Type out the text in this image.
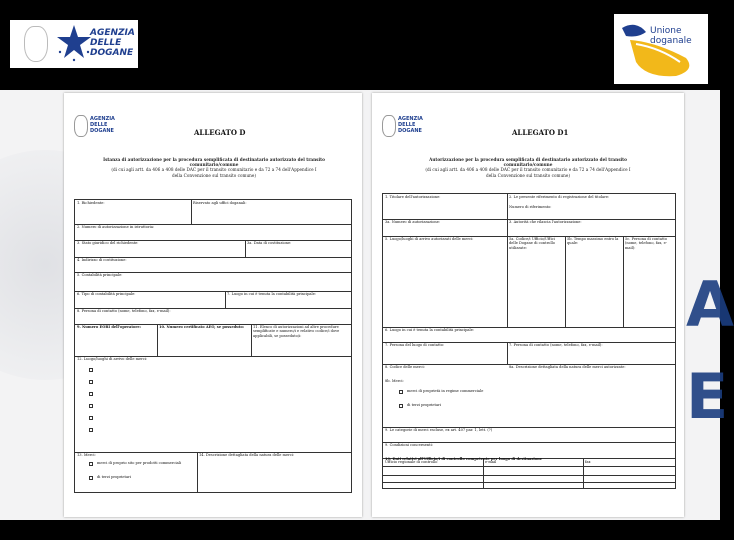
A
E
AGENZIA
DELLE
DOGANE
Unione
doganale
AGENZIA
DELLE
DOGANE	ALLEGATO D
Istanza di autorizzazione per la procedura semplificata di destinatario autorizzato del transito
comunitario/comune
(di cui agli artt. da 406 a 408 delle DAC per il transito comunitario e da 72 a 74 dell'Appendice I
della Convenzione sul transito comune)
1. Richiedente:	Riservato agli uffici doganali:
2. Numero di autorizzazione in istruttoria:
3. Stato giuridico del richiedente:	3a. Data di costituzione:
4. Indirizzo di costituzione:
5. Contabilità principale:
6. Tipo di contabilità principale:	7. Luogo in cui è tenuta la contabilità principale:
8. Persona di contatto (nome, telefono, fax, e-mail):
9. Numero EORI dell'operatore:	10. Numero certificato AEO, se posseduto:	11. Elenco di autorizzazioni ad altre procedure semplificate e numero/i e relativo codice/i dove applicabili, se posseduto/i:
12. Luogo/luoghi di arrivo delle merci:
13. Merci:
merci di proprio sito per prodotti commerciali
di terzi proprietari
14. Descrizione dettagliata della natura delle merci:
AGENZIA
DELLE
DOGANE	ALLEGATO D1
Autorizzazione per la procedura semplificata di destinatario autorizzato del transito
comunitario/comune
(di cui agli artt. da 406 a 408 delle DAC per il transito comunitario e da 72 a 74 dell'Appendice I
della Convenzione sul transito comune)
1. Titolare dell'autorizzazione:	2. Le presente riferimento di registrazione del titolare:
Numero di riferimento:
3a. Numero di autorizzazione:	3. Autorità che rilascia l'autorizzazione:
5. Luogo/luoghi di arrivo autorizzati delle merci:	5a. Codice/i Ufficio/Uffici delle Dogane di controllo utilizzate:
5b. Tempo massimo entro la quale:
5c. Persona di contatto (nome, telefono, fax, e-mail):
6. Luogo in cui è tenuta la contabilità principale:
7. Persona del luogo di contatto:	7. Persona di contatto (nome, telefono, fax, e-mail):
8. Codice delle merci:	8a. Descrizione dettagliata della natura delle merci autorizzate:
8b. Merci:
merci di proprietà in regime commerciale
di terzi proprietari
9. Le categorie di merci escluse, ex art. 407 par. 1, lett. (?)
9. Condizioni concernenti:
10. Dati relativi all'Ufficio/i di controllo competente per luogo di destinazione
Ufficio regionale di controllo	e-mail	fax
